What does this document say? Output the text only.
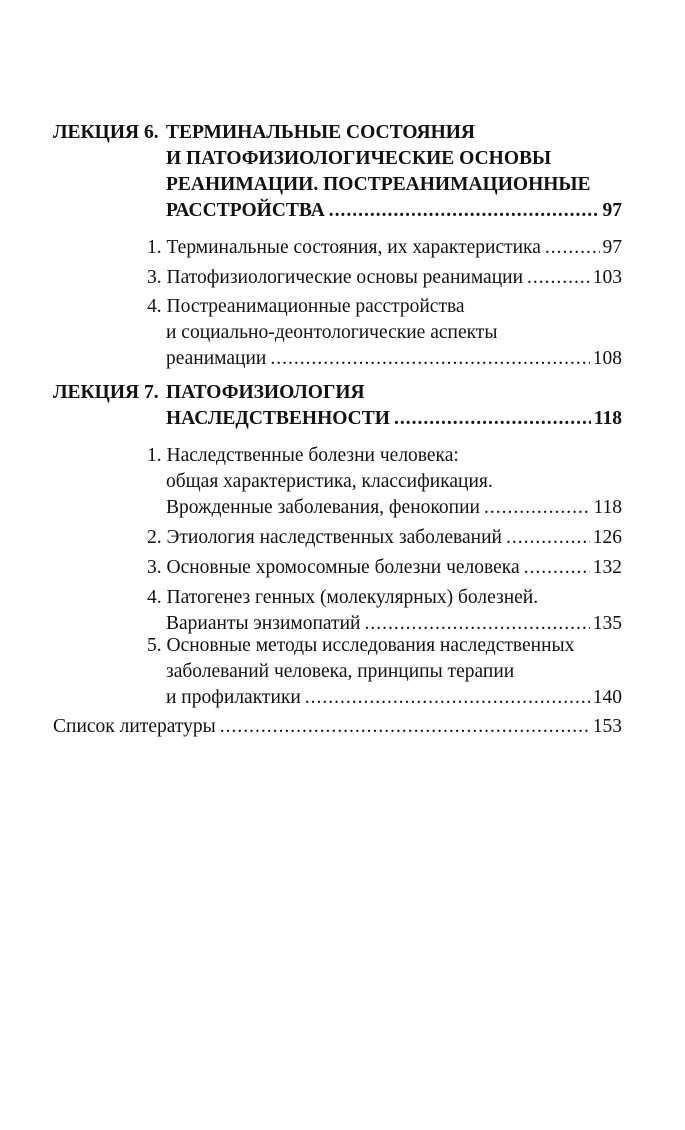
ЛЕКЦИЯ 6. ТЕРМИНАЛЬНЫЕ СОСТОЯНИЯ
И ПАТОФИЗИОЛОГИЧЕСКИЕ ОСНОВЫ
РЕАНИМАЦИИ. ПОСТРЕАНИМАЦИОННЫЕ
РАССТРОЙСТВА .....	97
1. Терминальные состояния, их характеристика .....	97
3. Патофизиологические основы реанимации .....	103
4. Постреанимационные расстройства
и социально-деонтологические аспекты
реанимации .....	108
ЛЕКЦИЯ 7. ПАТОФИЗИОЛОГИЯ
НАСЛЕДСТВЕННОСТИ .....	118
1. Наследственные болезни человека:
общая характеристика, классификация.
Врожденные заболевания, фенокопии .....	118
2. Этиология наследственных заболеваний .....	126
3. Основные хромосомные болезни человека .....	132
4. Патогенез генных (молекулярных) болезней.
Варианты энзимопатий .....	135
5. Основные методы исследования наследственных
заболеваний человека, принципы терапии
и профилактики .....	140
Список литературы .....	153
